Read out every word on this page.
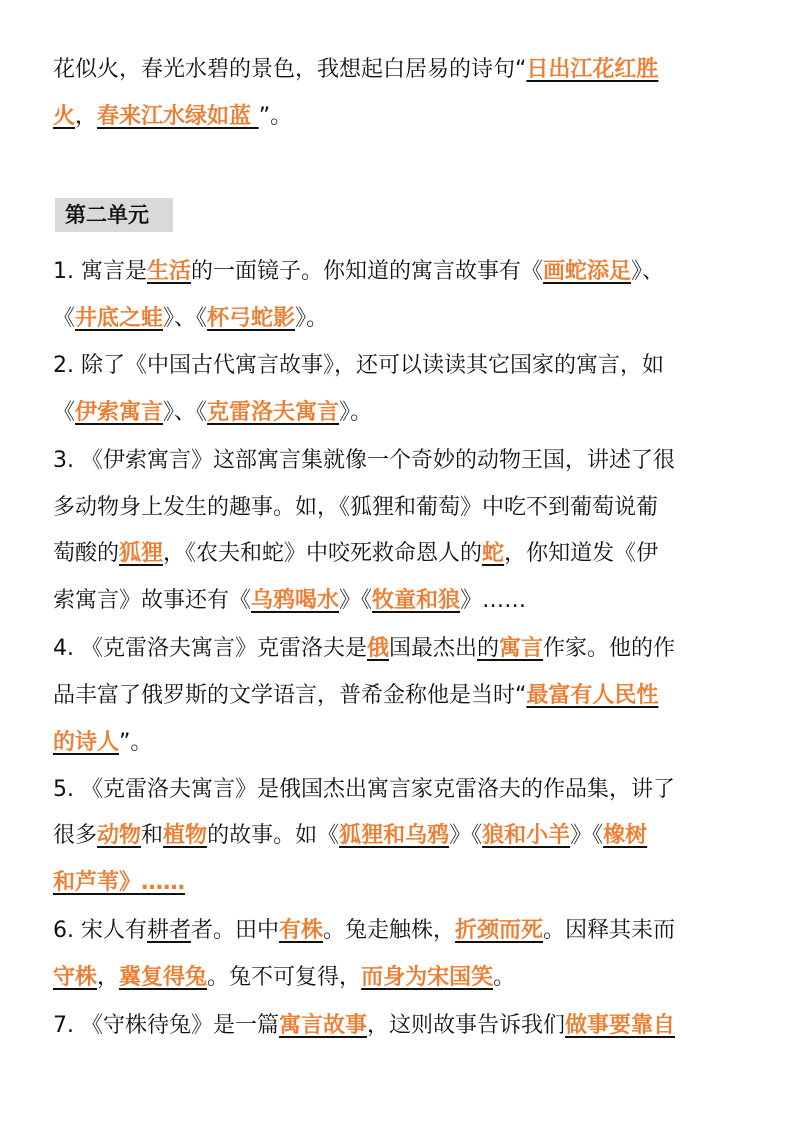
花似火，春光水碧的景色，我想起白居易的诗句“日出江花红胜
火，春来江水绿如蓝 ”。
第二单元
1. 寓言是生活的一面镜子。你知道的寓言故事有《画蛇添足》、
《井底之蛙》、《杯弓蛇影》。
2. 除了《中国古代寓言故事》，还可以读读其它国家的寓言，如
《伊索寓言》、《克雷洛夫寓言》。
3. 《伊索寓言》这部寓言集就像一个奇妙的动物王国，讲述了很
多动物身上发生的趣事。如，《狐狸和葡萄》中吃不到葡萄说葡
萄酸的狐狸，《农夫和蛇》中咬死救命恩人的蛇，你知道发《伊
索寓言》故事还有《乌鸦喝水》《牧童和狼》……
4. 《克雷洛夫寓言》克雷洛夫是俄国最杰出的寓言作家。他的作
品丰富了俄罗斯的文学语言，普希金称他是当时“最富有人民性
的诗人”。
5. 《克雷洛夫寓言》是俄国杰出寓言家克雷洛夫的作品集，讲了
很多动物和植物的故事。如《狐狸和乌鸦》《狼和小羊》《橡树
和芦苇》……
6. 宋人有耕者者。田中有株。兔走触株，折颈而死。因释其耒而
守株，冀复得兔。兔不可复得，而身为宋国笑。
7. 《守株待兔》是一篇寓言故事，这则故事告诉我们做事要靠自
